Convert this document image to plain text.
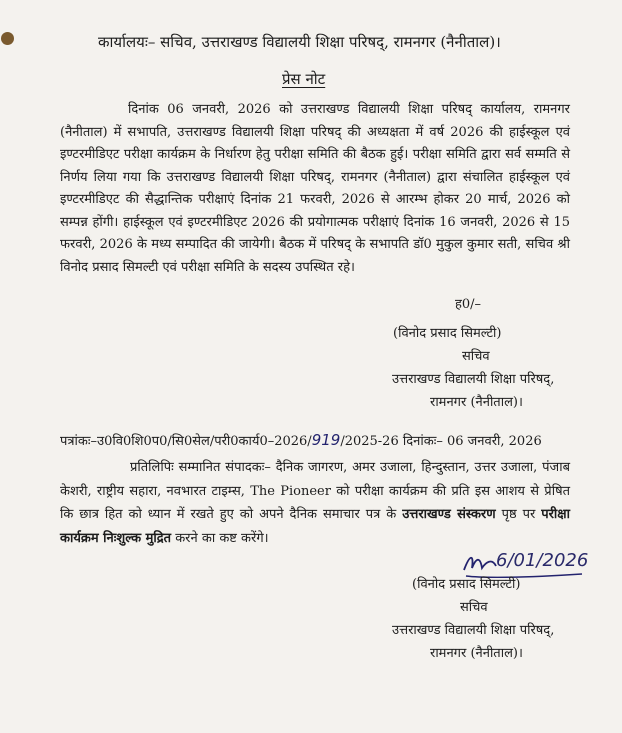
कार्यालयः– सचिव, उत्तराखण्ड विद्यालयी शिक्षा परिषद्, रामनगर (नैनीताल)।
प्रेस नोट
दिनांक 06 जनवरी, 2026 को उत्तराखण्ड विद्यालयी शिक्षा परिषद् कार्यालय, रामनगर (नैनीताल) में सभापति, उत्तराखण्ड विद्यालयी शिक्षा परिषद् की अध्यक्षता में वर्ष 2026 की हाईस्कूल एवं इण्टरमीडिएट परीक्षा कार्यक्रम के निर्धारण हेतु परीक्षा समिति की बैठक हुई। परीक्षा समिति द्वारा सर्व सम्मति से निर्णय लिया गया कि उत्तराखण्ड विद्यालयी शिक्षा परिषद्, रामनगर (नैनीताल) द्वारा संचालित हाईस्कूल एवं इण्टरमीडिएट की सैद्धान्तिक परीक्षाएं दिनांक 21 फरवरी, 2026 से आरम्भ होकर 20 मार्च, 2026 को सम्पन्न होंगी। हाईस्कूल एवं इण्टरमीडिएट 2026 की प्रयोगात्मक परीक्षाएं दिनांक 16 जनवरी, 2026 से 15 फरवरी, 2026 के मध्य सम्पादित की जायेगी। बैठक में परिषद् के सभापति डॉ0 मुकुल कुमार सती, सचिव श्री विनोद प्रसाद सिमल्टी एवं परीक्षा समिति के सदस्य उपस्थित रहे।
ह0/–
(विनोद प्रसाद सिमल्टी)
सचिव
उत्तराखण्ड विद्यालयी शिक्षा परिषद्,
रामनगर (नैनीताल)।
पत्रांकः–उ0वि0शि0प0/सि0सेल/परी0कार्य0–2026/919/2025-26 दिनांकः– 06 जनवरी, 2026
प्रतिलिपिः सम्मानित संपादकः– दैनिक जागरण, अमर उजाला, हिन्दुस्तान, उत्तर उजाला, पंजाब केशरी, राष्ट्रीय सहारा, नवभारत टाइम्स, The Pioneer को परीक्षा कार्यक्रम की प्रति इस आशय से प्रेषित कि छात्र हित को ध्यान में रखते हुए को अपने दैनिक समाचार पत्र के उत्तराखण्ड संस्करण पृष्ठ पर परीक्षा कार्यक्रम निःशुल्क मुद्रित करने का कष्ट करेंगे।
6/01/2026
(विनोद प्रसाद सिमल्टी)
सचिव
उत्तराखण्ड विद्यालयी शिक्षा परिषद्,
रामनगर (नैनीताल)।
